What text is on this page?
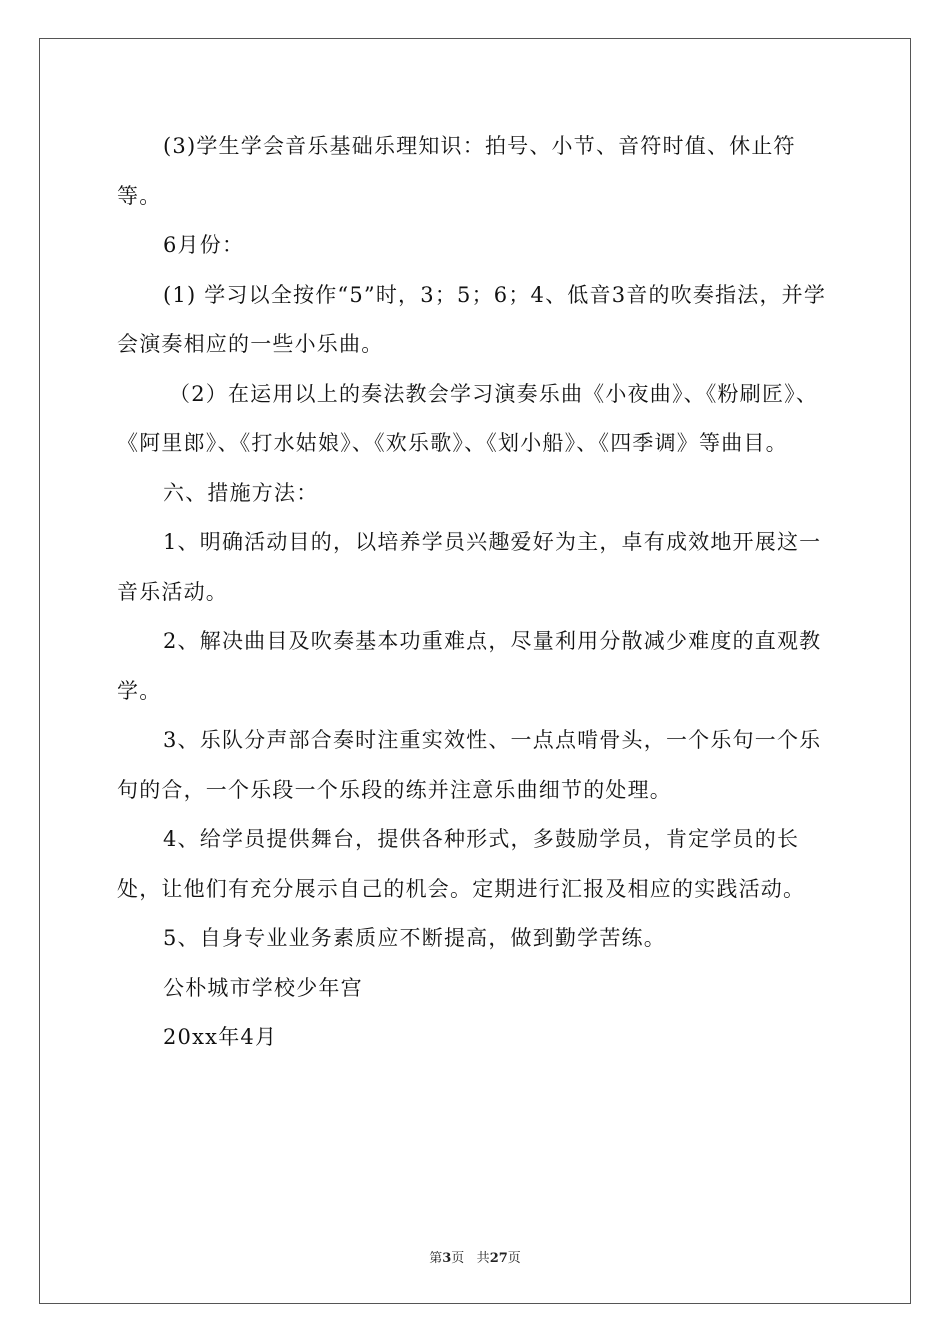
(3)学生学会音乐基础乐理知识：拍号、小节、音符时值、休止符等。

6月份：

(1) 学习以全按作“5”时，3；5；6；4、低音3音的吹奏指法，并学会演奏相应的一些小乐曲。

（2）在运用以上的奏法教会学习演奏乐曲《小夜曲》、《粉刷匠》、《阿里郎》、《打水姑娘》、《欢乐歌》、《划小船》、《四季调》等曲目。

六、措施方法：

1、明确活动目的，以培养学员兴趣爱好为主，卓有成效地开展这一音乐活动。

2、解决曲目及吹奏基本功重难点，尽量利用分散减少难度的直观教学。

3、乐队分声部合奏时注重实效性、一点点啃骨头，一个乐句一个乐句的合，一个乐段一个乐段的练并注意乐曲细节的处理。

4、给学员提供舞台，提供各种形式，多鼓励学员，肯定学员的长处，让他们有充分展示自己的机会。定期进行汇报及相应的实践活动。

5、自身专业业务素质应不断提高，做到勤学苦练。

公朴城市学校少年宫

20xx年4月

第3页 共27页
